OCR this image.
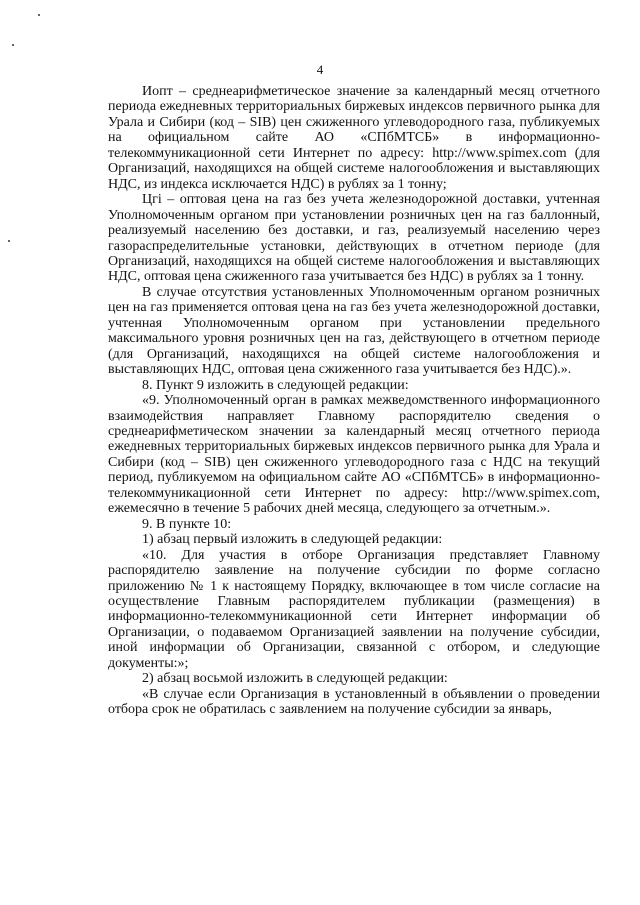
4

Иопт – среднеарифметическое значение за календарный месяц отчетного периода ежедневных территориальных биржевых индексов первичного рынка для Урала и Сибири (код – SIB) цен сжиженного углеводородного газа, публикуемых на официальном сайте АО «СПбМТСБ» в информационно-телекоммуникационной сети Интернет по адресу: http://www.spimex.com (для Организаций, находящихся на общей системе налогообложения и выставляющих НДС, из индекса исключается НДС) в рублях за 1 тонну;

Цгі – оптовая цена на газ без учета железнодорожной доставки, учтенная Уполномоченным органом при установлении розничных цен на газ баллонный, реализуемый населению без доставки, и газ, реализуемый населению через газораспределительные установки, действующих в отчетном периоде (для Организаций, находящихся на общей системе налогообложения и выставляющих НДС, оптовая цена сжиженного газа учитывается без НДС) в рублях за 1 тонну.

В случае отсутствия установленных Уполномоченным органом розничных цен на газ применяется оптовая цена на газ без учета железнодорожной доставки, учтенная Уполномоченным органом при установлении предельного максимального уровня розничных цен на газ, действующего в отчетном периоде (для Организаций, находящихся на общей системе налогообложения и выставляющих НДС, оптовая цена сжиженного газа учитывается без НДС).».

8. Пункт 9 изложить в следующей редакции:

«9. Уполномоченный орган в рамках межведомственного информационного взаимодействия направляет Главному распорядителю сведения о среднеарифметическом значении за календарный месяц отчетного периода ежедневных территориальных биржевых индексов первичного рынка для Урала и Сибири (код – SIB) цен сжиженного углеводородного газа с НДС на текущий период, публикуемом на официальном сайте АО «СПбМТСБ» в информационно-телекоммуникационной сети Интернет по адресу: http://www.spimex.com, ежемесячно в течение 5 рабочих дней месяца, следующего за отчетным.».

9. В пункте 10:

1) абзац первый изложить в следующей редакции:

«10. Для участия в отборе Организация представляет Главному распорядителю заявление на получение субсидии по форме согласно приложению № 1 к настоящему Порядку, включающее в том числе согласие на осуществление Главным распорядителем публикации (размещения) в информационно-телекоммуникационной сети Интернет информации об Организации, о подаваемом Организацией заявлении на получение субсидии, иной информации об Организации, связанной с отбором, и следующие документы:»;

2) абзац восьмой изложить в следующей редакции:

«В случае если Организация в установленный в объявлении о проведении отбора срок не обратилась с заявлением на получение субсидии за январь,
